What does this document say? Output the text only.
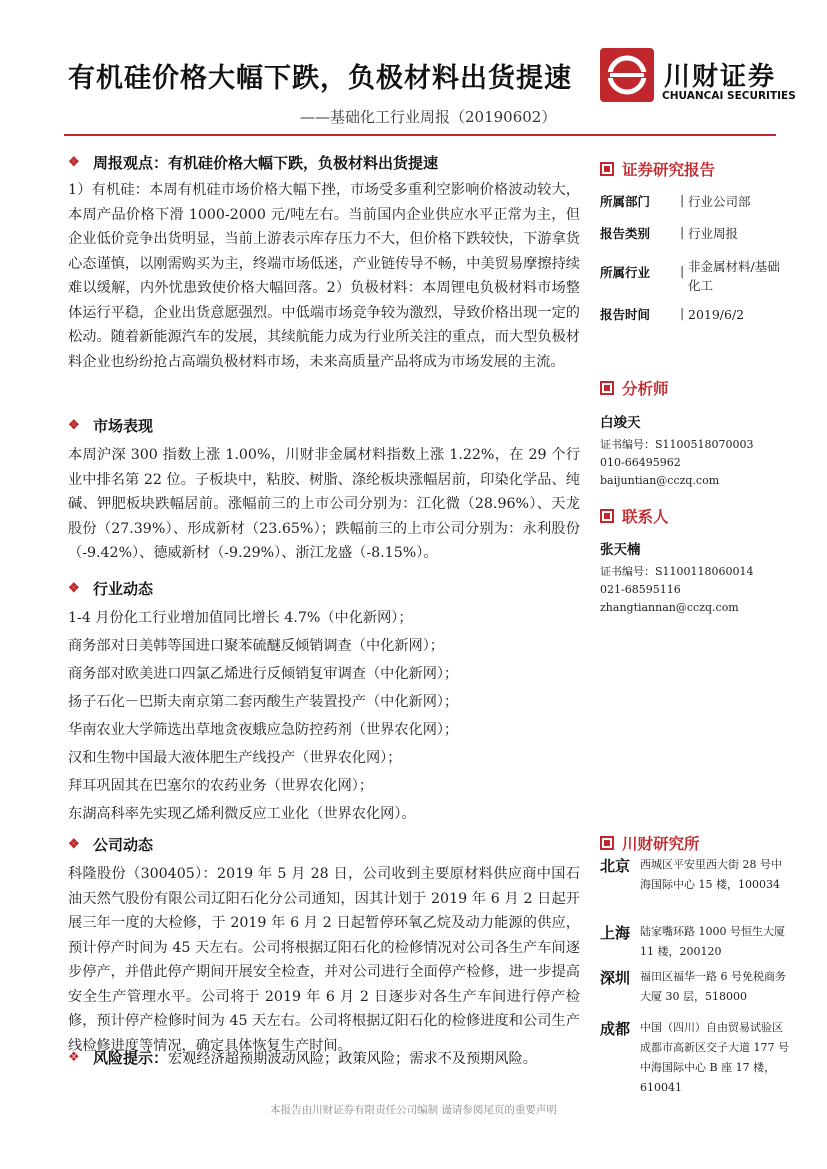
有机硅价格大幅下跌，负极材料出货提速
——基础化工行业周报（20190602）
川财证券
CHUANCAI SECURITIES
❖ 周报观点：有机硅价格大幅下跌，负极材料出货提速
1）有机硅：本周有机硅市场价格大幅下挫，市场受多重利空影响价格波动较大，本周产品价格下滑 1000-2000 元/吨左右。当前国内企业供应水平正常为主，但企业低价竞争出货明显，当前上游表示库存压力不大，但价格下跌较快，下游拿货心态谨慎，以刚需购买为主，终端市场低迷，产业链传导不畅，中美贸易摩擦持续难以缓解，内外忧患致使价格大幅回落。2）负极材料：本周锂电负极材料市场整体运行平稳，企业出货意愿强烈。中低端市场竞争较为激烈，导致价格出现一定的松动。随着新能源汽车的发展，其续航能力成为行业所关注的重点，而大型负极材料企业也纷纷抢占高端负极材料市场，未来高质量产品将成为市场发展的主流。
❖ 市场表现
本周沪深 300 指数上涨 1.00%，川财非金属材料指数上涨 1.22%，在 29 个行业中排名第 22 位。子板块中，粘胶、树脂、涤纶板块涨幅居前，印染化学品、纯碱、钾肥板块跌幅居前。涨幅前三的上市公司分别为：江化微（28.96%）、天龙股份（27.39%）、形成新材（23.65%）；跌幅前三的上市公司分别为：永利股份（-9.42%）、德威新材（-9.29%）、浙江龙盛（-8.15%）。
❖ 行业动态
1-4 月份化工行业增加值同比增长 4.7%（中化新网）；
商务部对日美韩等国进口聚苯硫醚反倾销调查（中化新网）；
商务部对欧美进口四氯乙烯进行反倾销复审调查（中化新网）；
扬子石化－巴斯夫南京第二套丙酸生产装置投产（中化新网）；
华南农业大学筛选出草地贪夜蛾应急防控药剂（世界农化网）；
汉和生物中国最大液体肥生产线投产（世界农化网）；
拜耳巩固其在巴塞尔的农药业务（世界农化网）；
东湖高科率先实现乙烯利微反应工业化（世界农化网）。
❖ 公司动态
科隆股份（300405）：2019 年 5 月 28 日，公司收到主要原材料供应商中国石油天然气股份有限公司辽阳石化分公司通知，因其计划于 2019 年 6 月 2 日起开展三年一度的大检修，于 2019 年 6 月 2 日起暂停环氧乙烷及动力能源的供应，预计停产时间为 45 天左右。公司将根据辽阳石化的检修情况对公司各生产车间逐步停产，并借此停产期间开展安全检查，并对公司进行全面停产检修，进一步提高安全生产管理水平。公司将于 2019 年 6 月 2 日逐步对各生产车间进行停产检修，预计停产检修时间为 45 天左右。公司将根据辽阳石化的检修进度和公司生产线检修进度等情况，确定具体恢复生产时间。
❖ 风险提示： 宏观经济超预期波动风险；政策风险；需求不及预期风险。
证券研究报告
所属部门	| 行业公司部
报告类别	| 行业周报
所属行业	| 非金属材料/基础化工
报告时间	| 2019/6/2
分析师
白竣天
证书编号：S1100518070003
010-66495962
baijuntian@cczq.com
联系人
张天楠
证书编号：S1100118060014
021-68595116
zhangtiannan@cczq.com
川财研究所
北京 西城区平安里西大街 28 号中海国际中心 15 楼，100034
上海 陆家嘴环路 1000 号恒生大厦 11 楼，200120
深圳 福田区福华一路 6 号免税商务大厦 30 层，518000
成都 中国（四川）自由贸易试验区成都市高新区交子大道 177 号中海国际中心 B 座 17 楼，610041
本报告由川财证券有限责任公司编制 谨请参阅尾页的重要声明
